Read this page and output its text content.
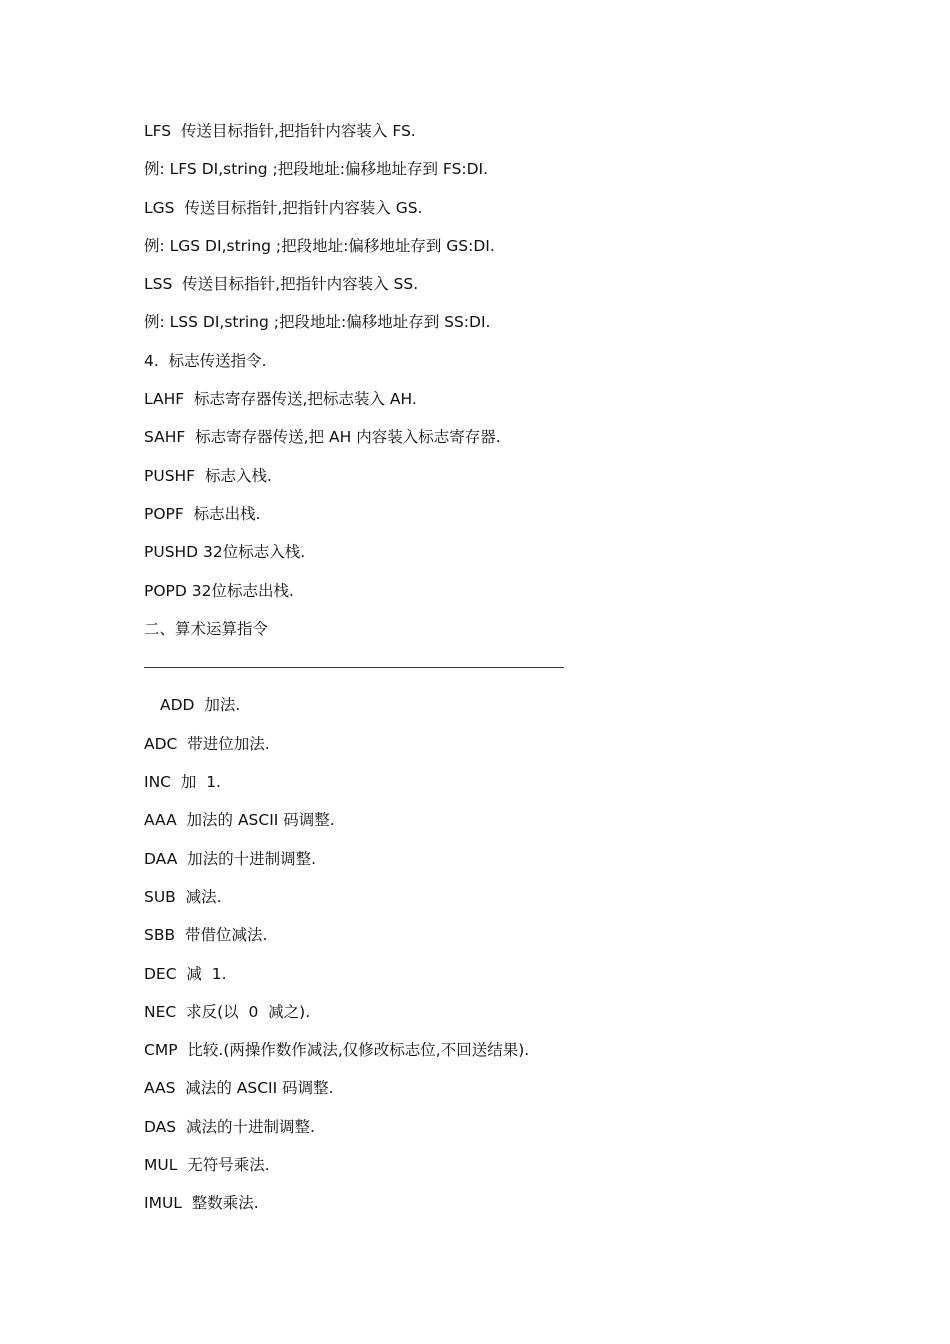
LFS  传送目标指针,把指针内容装入 FS.
例: LFS DI,string ;把段地址:偏移地址存到 FS:DI.
LGS  传送目标指针,把指针内容装入 GS.
例: LGS DI,string ;把段地址:偏移地址存到 GS:DI.
LSS  传送目标指针,把指针内容装入 SS.
例: LSS DI,string ;把段地址:偏移地址存到 SS:DI.
4.  标志传送指令.
LAHF  标志寄存器传送,把标志装入 AH.
SAHF  标志寄存器传送,把 AH 内容装入标志寄存器.
PUSHF  标志入栈.
POPF  标志出栈.
PUSHD 32位标志入栈.
POPD 32位标志出栈.
二、算术运算指令
ADD  加法.
ADC  带进位加法.
INC  加  1.
AAA  加法的 ASCII 码调整.
DAA  加法的十进制调整.
SUB  减法.
SBB  带借位减法.
DEC  减  1.
NEC  求反(以  0  减之).
CMP  比较.(两操作数作减法,仅修改标志位,不回送结果).
AAS  减法的 ASCII 码调整.
DAS  减法的十进制调整.
MUL  无符号乘法.
IMUL  整数乘法.
